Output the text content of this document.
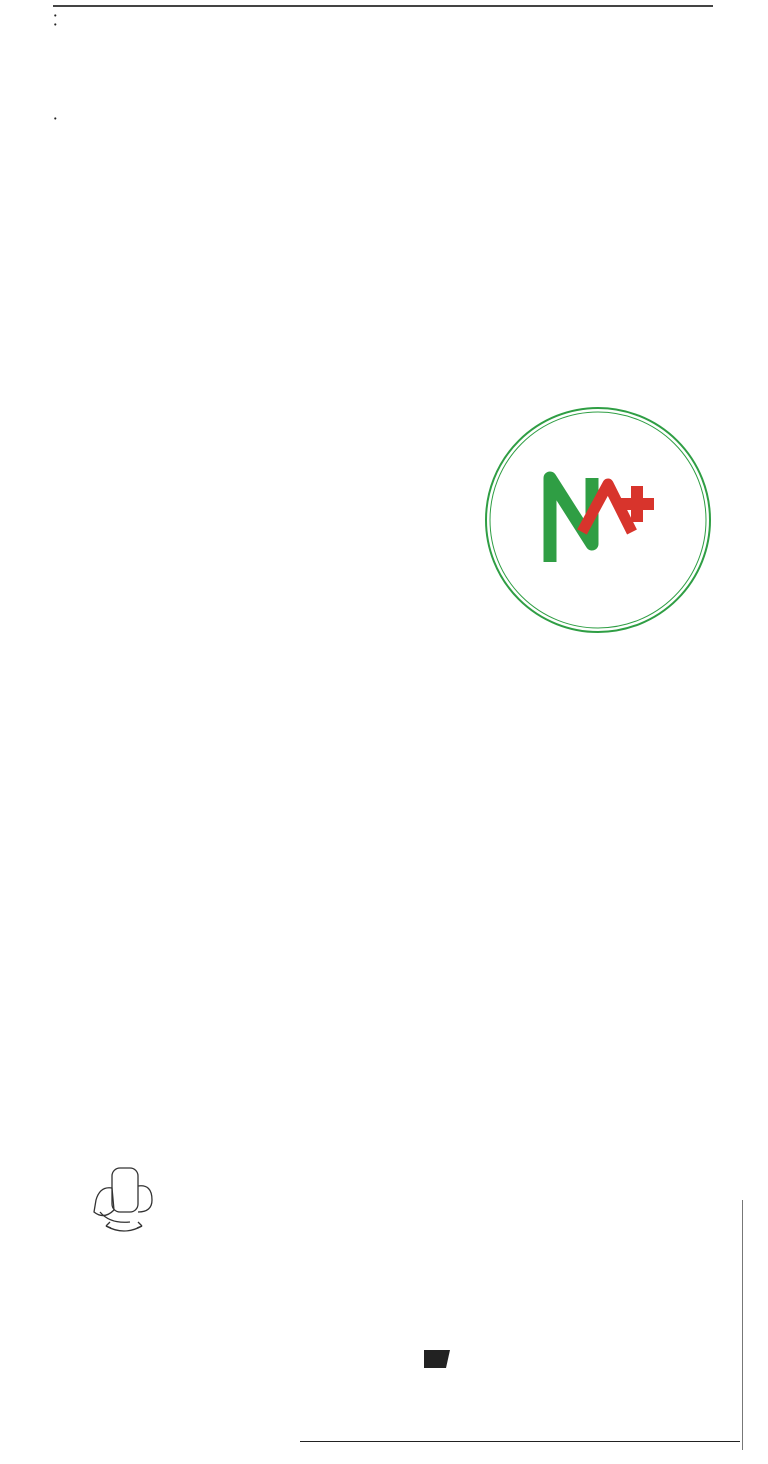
•

•

•
